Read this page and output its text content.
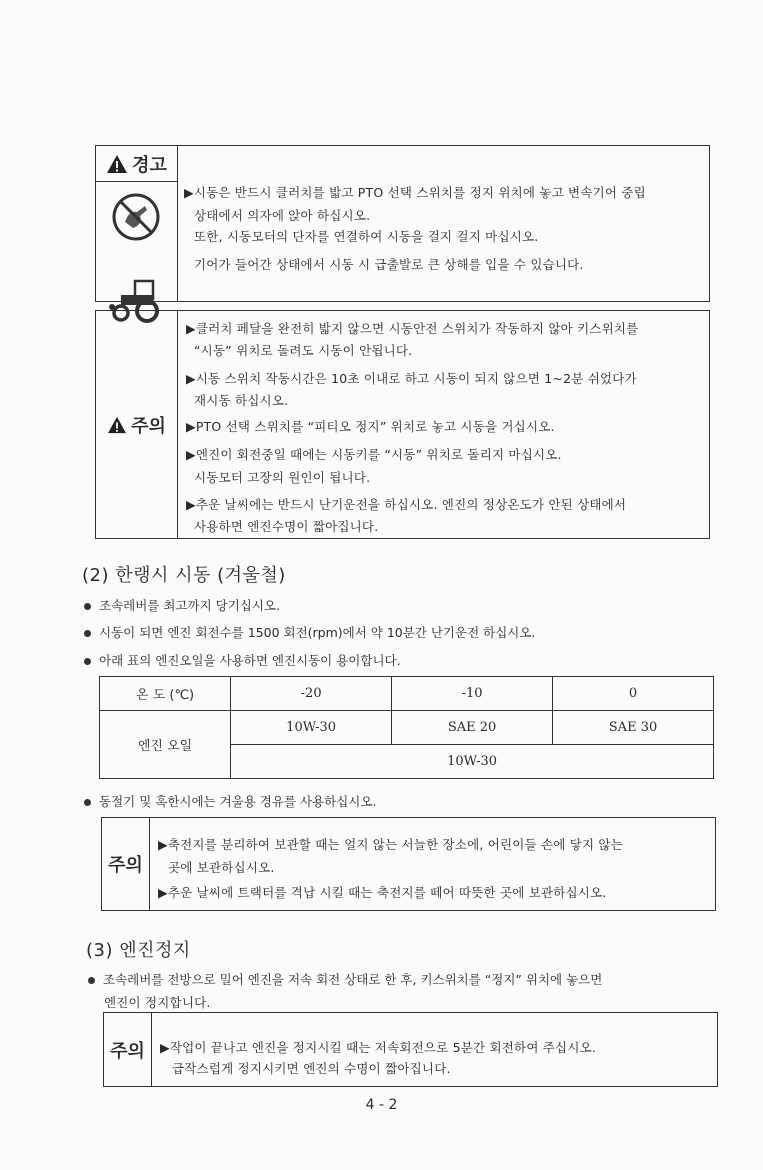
경고
▶시동은 반드시 클러치를 밟고 PTO 선택 스위치를 정지 위치에 놓고 변속기어 중립
상태에서 의자에 앉아 하십시오.
또한, 시동모터의 단자를 연결하여 시동을 걸지 걸지 마십시오.
기어가 들어간 상태에서 시동 시 급출발로 큰 상해를 입을 수 있습니다.
주의
▶클러치 페달을 완전히 밟지 않으면 시동안전 스위치가 작동하지 않아 키스위치를
“시동” 위치로 돌려도 시동이 안됩니다.
▶시동 스위치 작동시간은 10초 이내로 하고 시동이 되지 않으면 1~2분 쉬었다가
재시동 하십시오.
▶PTO 선택 스위치를 “피티오 정지” 위치로 놓고 시동을 거십시오.
▶엔진이 회전중일 때에는 시동키를 “시동” 위치로 돌리지 마십시오.
시동모터 고장의 원인이 됩니다.
▶추운 날씨에는 반드시 난기운전을 하십시오. 엔진의 정상온도가 안된 상태에서
사용하면 엔진수명이 짧아집니다.
(2) 한랭시 시동 (겨울철)
조속레버를 최고까지 당기십시오.
시동이 되면 엔진 회전수를 1500 회전(rpm)에서 약 10분간 난기운전 하십시오.
아래 표의 엔진오일을 사용하면 엔진시동이 용이합니다.
온 도 (℃)	-20	-10	0
엔진 오일	10W-30	SAE 20	SAE 30
	10W-30		
동절기 및 혹한시에는 겨울용 경유를 사용하십시오.
주의
▶축전지를 분리하여 보관할 때는 얼지 않는 서늘한 장소에, 어린이들 손에 닿지 않는
곳에 보관하십시오.
▶추운 날씨에 트랙터를 격납 시킬 때는 축전지를 떼어 따뜻한 곳에 보관하십시오.
(3) 엔진정지
조속레버를 전방으로 밀어 엔진을 저속 회전 상태로 한 후, 키스위치를 “정지” 위치에 놓으면
엔진이 정지합니다.
주의 ▶작업이 끝나고 엔진을 정지시킬 때는 저속회전으로 5분간 회전하여 주십시오.
급작스럽게 정지시키면 엔진의 수명이 짧아집니다.
4 - 2
